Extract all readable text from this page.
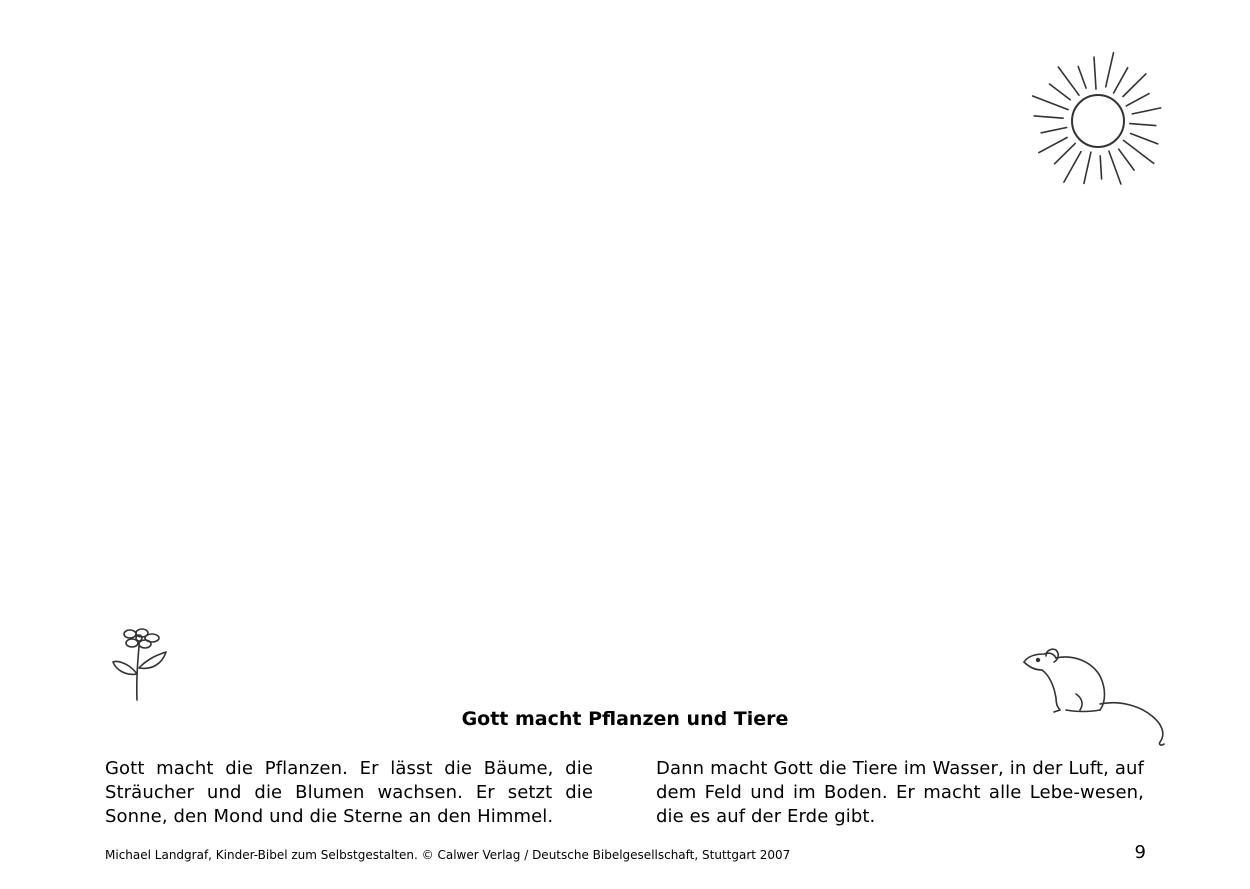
Gott macht Pflanzen und Tiere

Gott macht die Pflanzen. Er lässt die Bäume, die Sträucher und die Blumen wachsen. Er setzt die Sonne, den Mond und die Sterne an den Himmel.

Dann macht Gott die Tiere im Wasser, in der Luft, auf dem Feld und im Boden. Er macht alle Lebe-wesen, die es auf der Erde gibt.

Michael Landgraf, Kinder-Bibel zum Selbstgestalten. © Calwer Verlag / Deutsche Bibelgesellschaft, Stuttgart 2007	9
